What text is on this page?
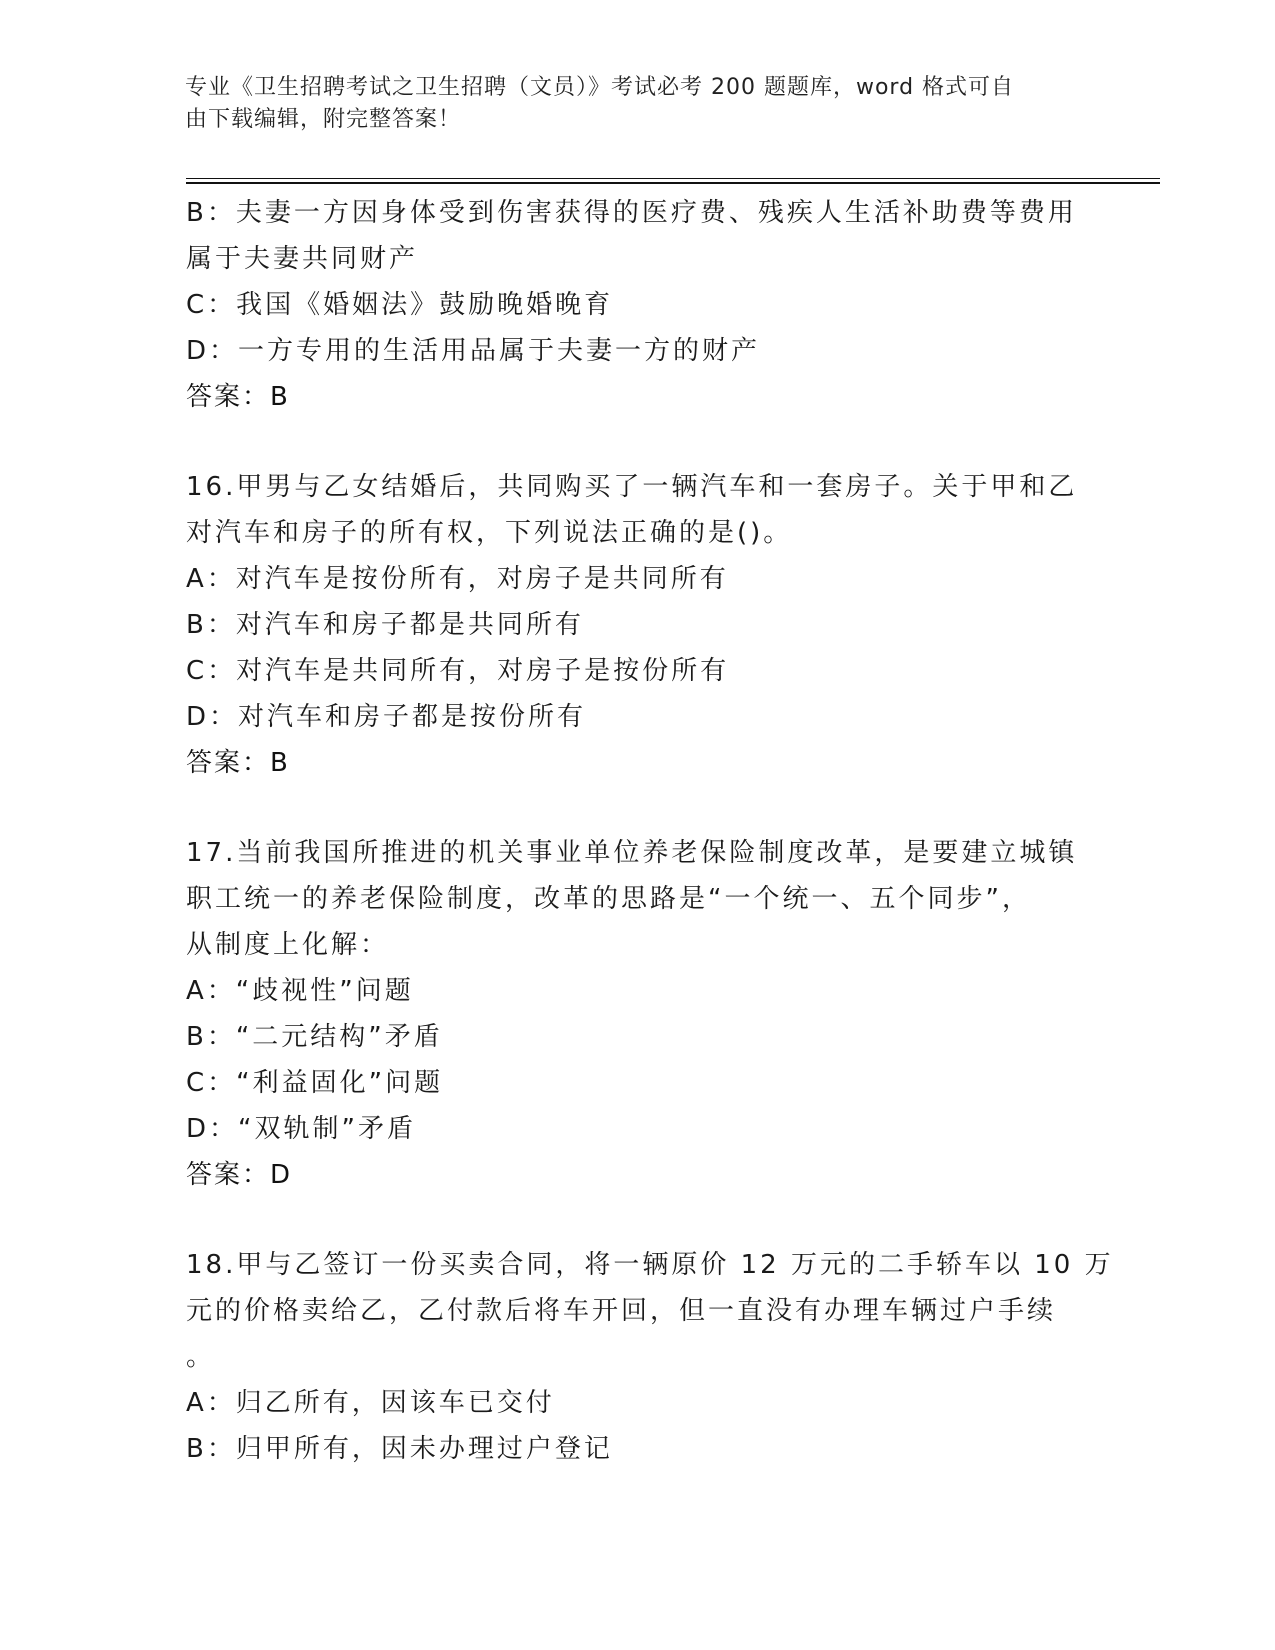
专业《卫生招聘考试之卫生招聘（文员）》考试必考 200 题题库，word 格式可自
由下载编辑，附完整答案！
B：夫妻一方因身体受到伤害获得的医疗费、残疾人生活补助费等费用
属于夫妻共同财产
C：我国《婚姻法》鼓励晚婚晚育
D：一方专用的生活用品属于夫妻一方的财产
答案：B
16.甲男与乙女结婚后，共同购买了一辆汽车和一套房子。关于甲和乙
对汽车和房子的所有权，下列说法正确的是()。
A：对汽车是按份所有，对房子是共同所有
B：对汽车和房子都是共同所有
C：对汽车是共同所有，对房子是按份所有
D：对汽车和房子都是按份所有
答案：B
17.当前我国所推进的机关事业单位养老保险制度改革，是要建立城镇
职工统一的养老保险制度，改革的思路是“一个统一、五个同步”，
从制度上化解：
A：“歧视性”问题
B：“二元结构”矛盾
C：“利益固化”问题
D：“双轨制”矛盾
答案：D
18.甲与乙签订一份买卖合同，将一辆原价 12 万元的二手轿车以 10 万
元的价格卖给乙，乙付款后将车开回，但一直没有办理车辆过户手续
。
A：归乙所有，因该车已交付
B：归甲所有，因未办理过户登记
